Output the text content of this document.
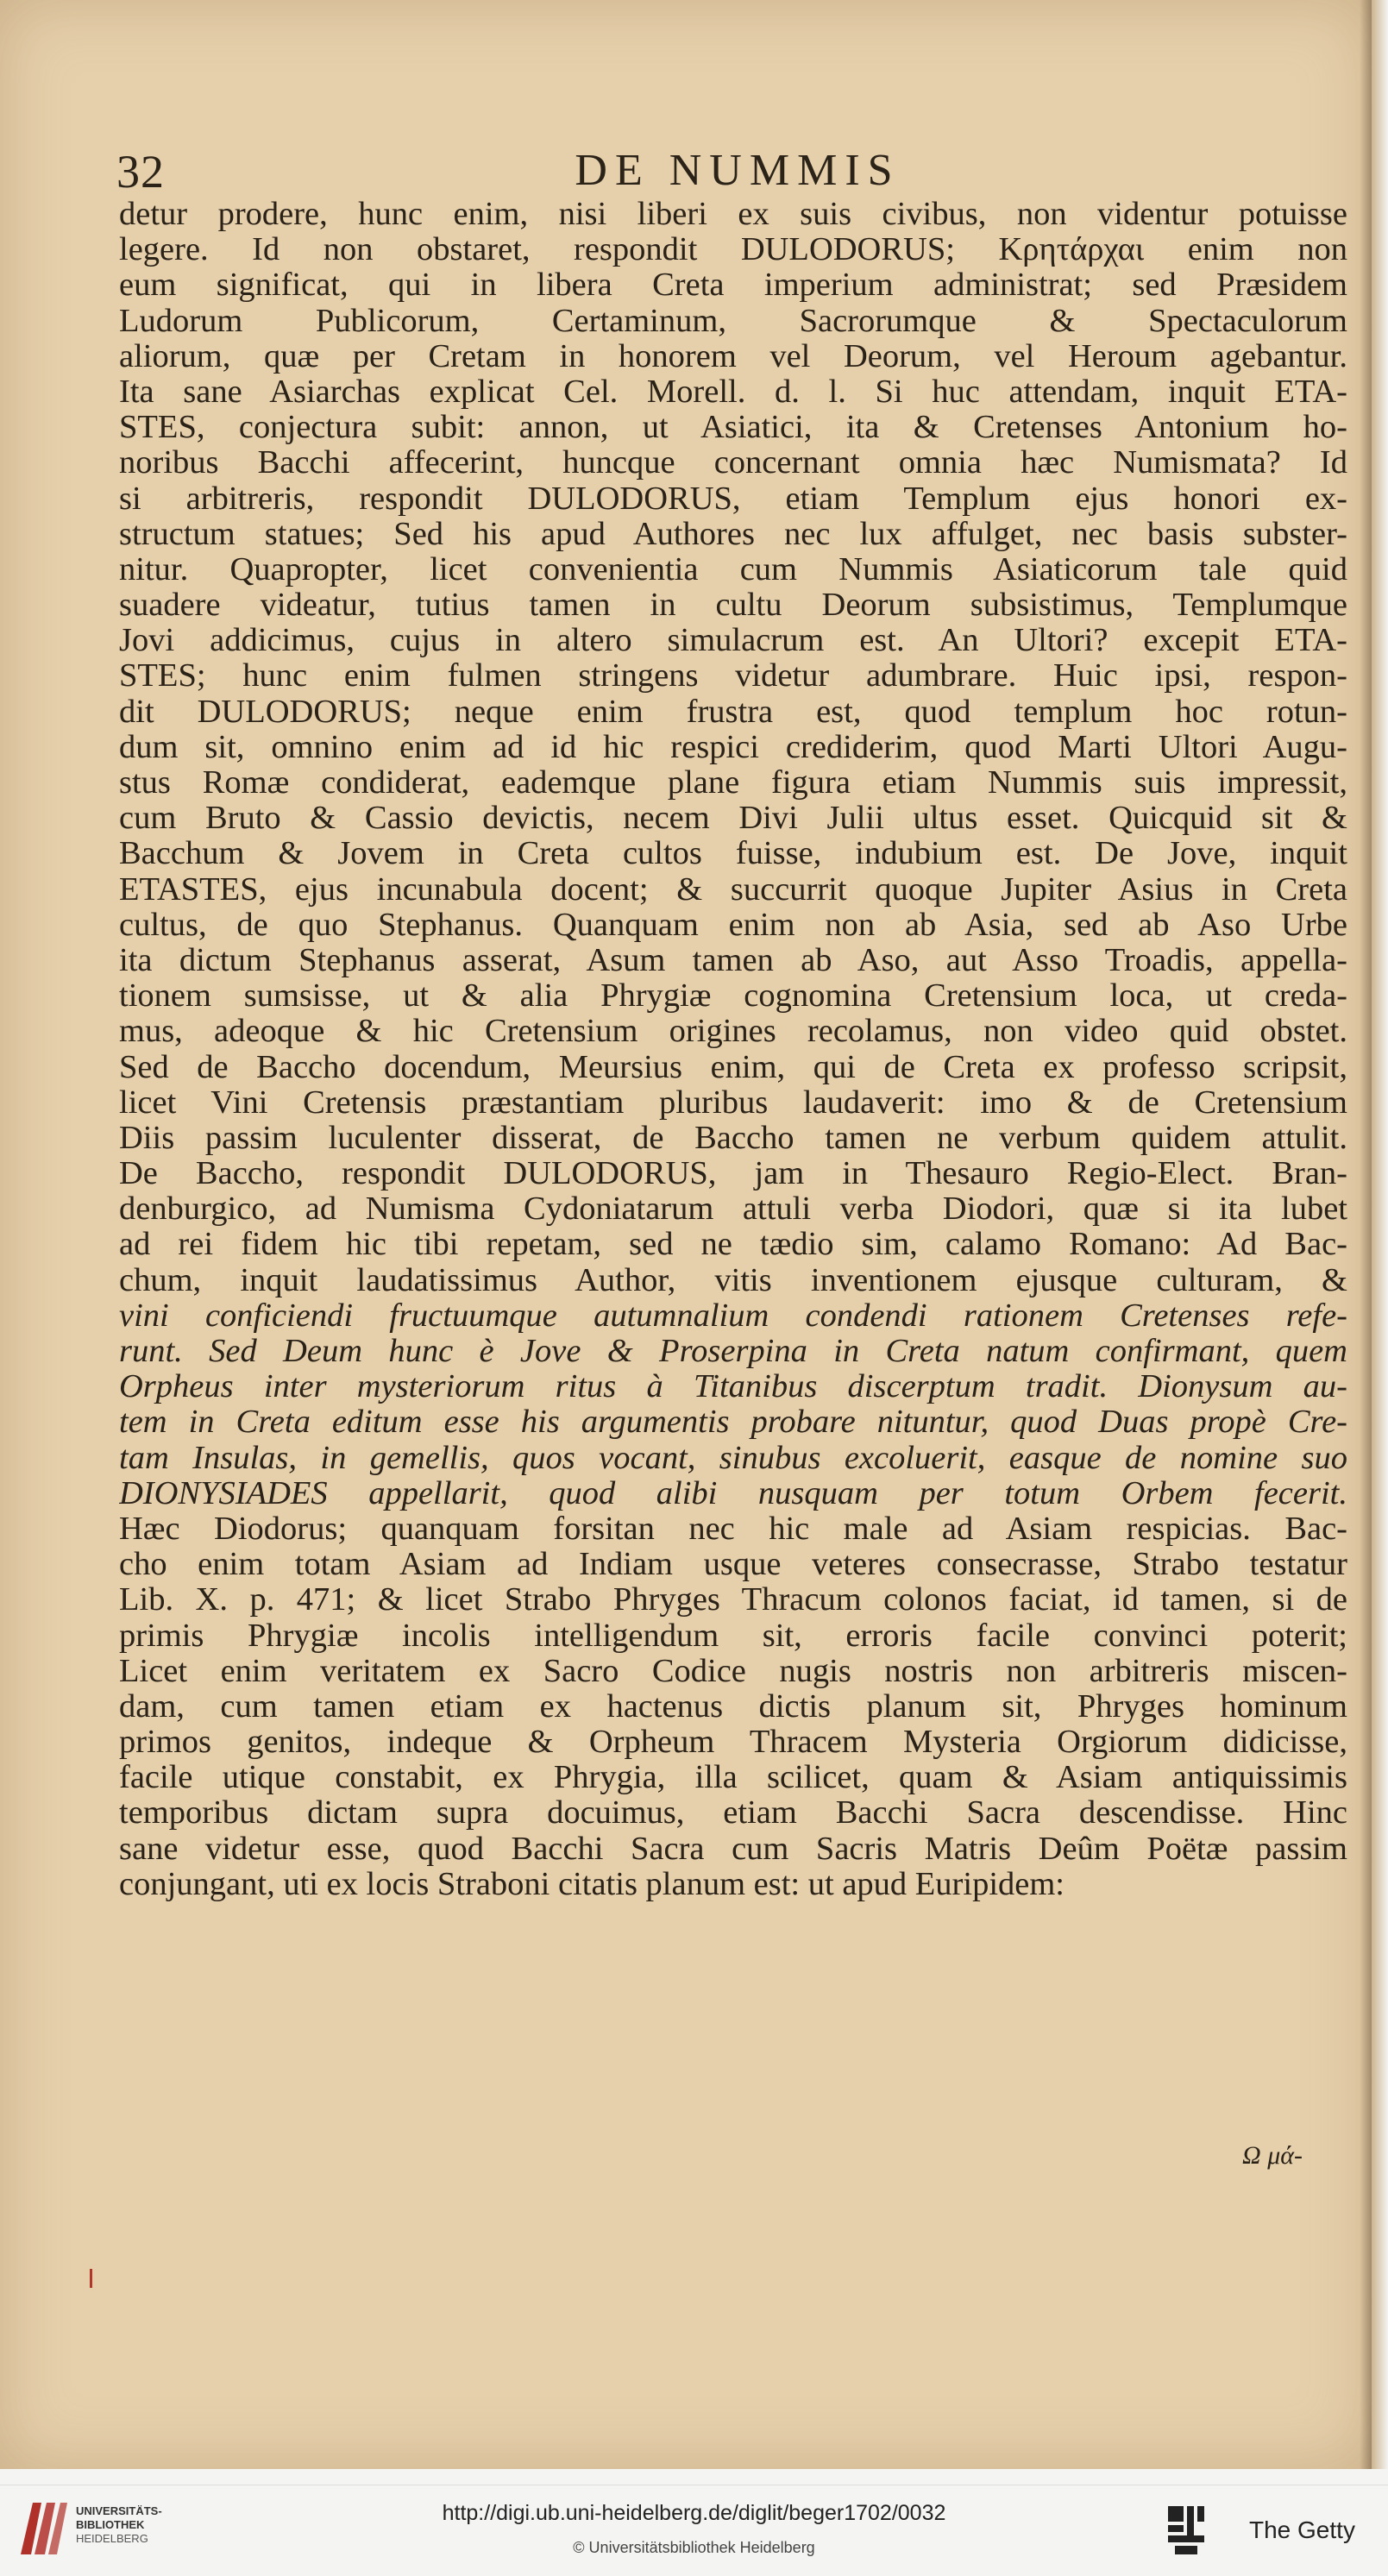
32	DE NUMMIS
detur prodere, hunc enim, nisi liberi ex suis civibus, non videntur potuisse
legere. Id non obstaret, respondit DULODORUS; Κρητάρχαι enim non
eum significat, qui in libera Creta imperium administrat; sed Præsidem
Ludorum Publicorum, Certaminum, Sacrorumque & Spectaculorum
aliorum, quæ per Cretam in honorem vel Deorum, vel Heroum agebantur.
Ita sane Asiarchas explicat Cel. Morell. d. l. Si huc attendam, inquit ETA-
STES, conjectura subit: annon, ut Asiatici, ita & Cretenses Antonium ho-
noribus Bacchi affecerint, huncque concernant omnia hæc Numismata? Id
si arbitreris, respondit DULODORUS, etiam Templum ejus honori ex-
structum statues; Sed his apud Authores nec lux affulget, nec basis subster-
nitur. Quapropter, licet convenientia cum Nummis Asiaticorum tale quid
suadere videatur, tutius tamen in cultu Deorum subsistimus, Templumque
Jovi addicimus, cujus in altero simulacrum est. An Ultori? excepit ETA-
STES; hunc enim fulmen stringens videtur adumbrare. Huic ipsi, respon-
dit DULODORUS; neque enim frustra est, quod templum hoc rotun-
dum sit, omnino enim ad id hic respici crediderim, quod Marti Ultori Augu-
stus Romæ condiderat, eademque plane figura etiam Nummis suis impressit,
cum Bruto & Cassio devictis, necem Divi Julii ultus esset. Quicquid sit &
Bacchum & Jovem in Creta cultos fuisse, indubium est. De Jove, inquit
ETASTES, ejus incunabula docent; & succurrit quoque Jupiter Asius in Creta
cultus, de quo Stephanus. Quanquam enim non ab Asia, sed ab Aso Urbe
ita dictum Stephanus asserat, Asum tamen ab Aso, aut Asso Troadis, appella-
tionem sumsisse, ut & alia Phrygiæ cognomina Cretensium loca, ut creda-
mus, adeoque & hic Cretensium origines recolamus, non video quid obstet.
Sed de Baccho docendum, Meursius enim, qui de Creta ex professo scripsit,
licet Vini Cretensis præstantiam pluribus laudaverit: imo & de Cretensium
Diis passim luculenter disserat, de Baccho tamen ne verbum quidem attulit.
De Baccho, respondit DULODORUS, jam in Thesauro Regio-Elect. Bran-
denburgico, ad Numisma Cydoniatarum attuli verba Diodori, quæ si ita lubet
ad rei fidem hic tibi repetam, sed ne tædio sim, calamo Romano: Ad Bac-
chum, inquit laudatissimus Author, vitis inventionem ejusque culturam, &
vini conficiendi fructuumque autumnalium condendi rationem Cretenses refe-
runt. Sed Deum hunc è Jove & Proserpina in Creta natum confirmant, quem
Orpheus inter mysteriorum ritus à Titanibus discerptum tradit. Dionysum au-
tem in Creta editum esse his argumentis probare nituntur, quod Duas propè Cre-
tam Insulas, in gemellis, quos vocant, sinubus excoluerit, easque de nomine suo
DIONYSIADES appellarit, quod alibi nusquam per totum Orbem fecerit.
Hæc Diodorus; quanquam forsitan nec hic male ad Asiam respicias. Bac-
cho enim totam Asiam ad Indiam usque veteres consecrasse, Strabo testatur
Lib. X. p. 471; & licet Strabo Phryges Thracum colonos faciat, id tamen, si de
primis Phrygiæ incolis intelligendum sit, erroris facile convinci poterit;
Licet enim veritatem ex Sacro Codice nugis nostris non arbitreris miscen-
dam, cum tamen etiam ex hactenus dictis planum sit, Phryges hominum
primos genitos, indeque & Orpheum Thracem Mysteria Orgiorum didicisse,
facile utique constabit, ex Phrygia, illa scilicet, quam & Asiam antiquissimis
temporibus dictam supra docuimus, etiam Bacchi Sacra descendisse. Hinc
sane videtur esse, quod Bacchi Sacra cum Sacris Matris Deûm Poëtæ passim
conjungant, uti ex locis Straboni citatis planum est: ut apud Euripidem:
Ω μά-
UNIVERSITÄTS-
BIBLIOTHEK
HEIDELBERG
http://digi.ub.uni-heidelberg.de/diglit/beger1702/0032
© Universitätsbibliothek Heidelberg
The Getty
